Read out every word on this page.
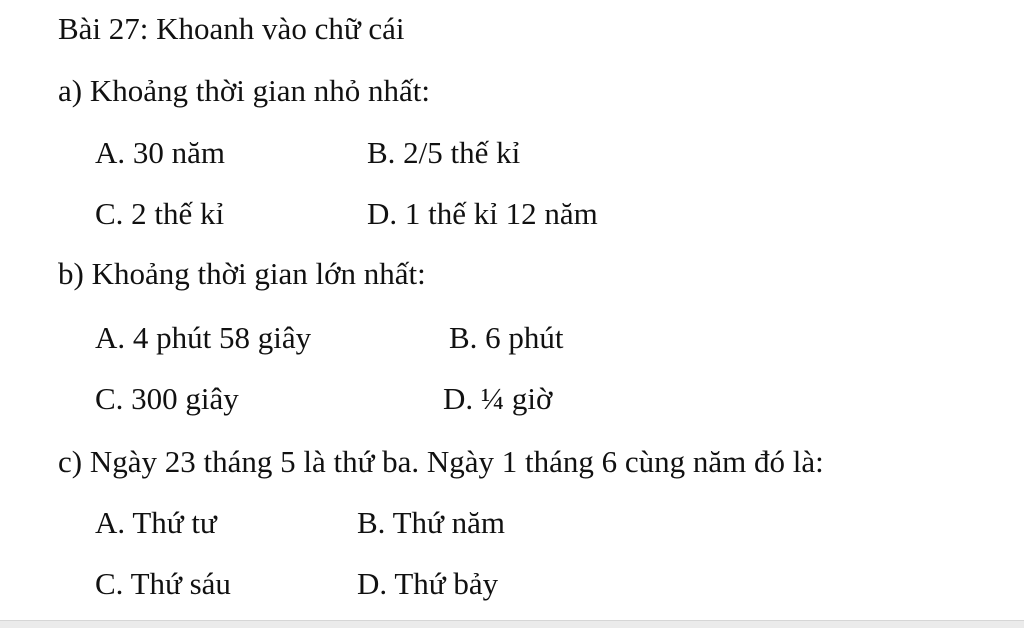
Bài 27: Khoanh vào chữ cái
a) Khoảng thời gian nhỏ nhất:
A. 30 năm	B. 2/5 thế kỉ
C. 2 thế kỉ	D. 1 thế kỉ 12 năm
b) Khoảng thời gian lớn nhất:
A. 4 phút 58 giây	B. 6 phút
C. 300 giây	D. ¼ giờ
c) Ngày 23 tháng 5 là thứ ba. Ngày 1 tháng 6 cùng năm đó là:
A. Thứ tư	B. Thứ năm
C. Thứ sáu	D. Thứ bảy
